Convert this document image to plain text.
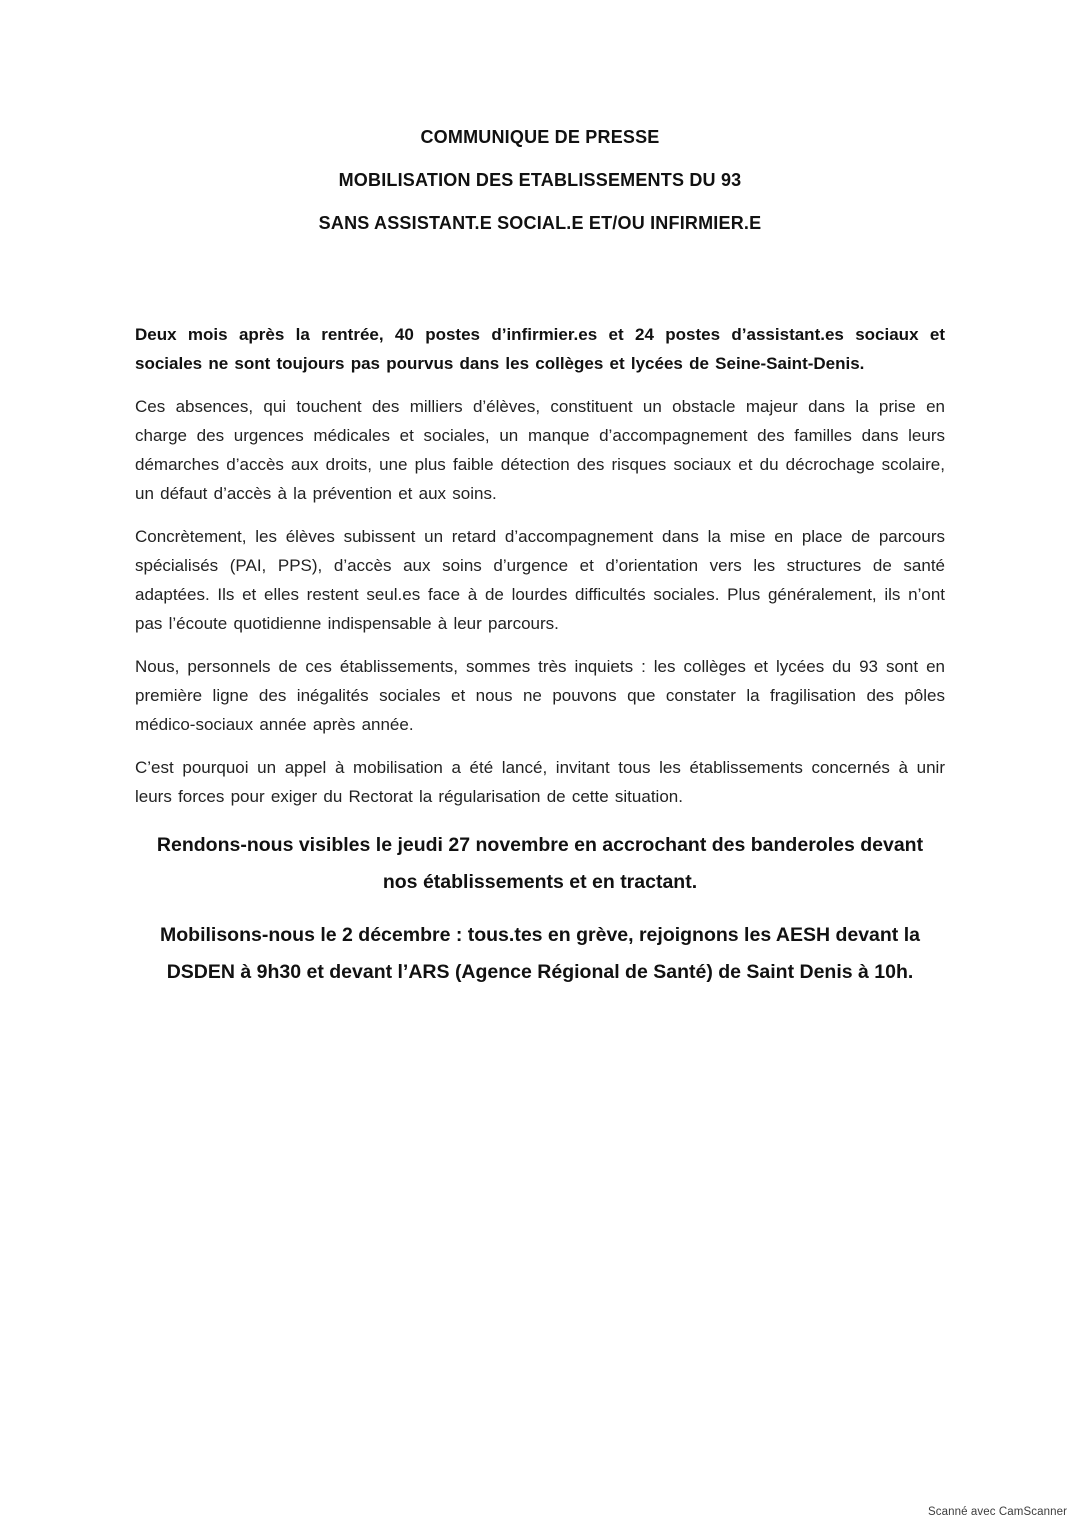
COMMUNIQUE DE PRESSE
MOBILISATION DES ETABLISSEMENTS DU 93
SANS ASSISTANT.E SOCIAL.E ET/OU INFIRMIER.E

Deux mois après la rentrée, 40 postes d’infirmier.es et 24 postes d’assistant.es sociaux et sociales ne sont toujours pas pourvus dans les collèges et lycées de Seine-Saint-Denis.

Ces absences, qui touchent des milliers d’élèves, constituent un obstacle majeur dans la prise en charge des urgences médicales et sociales, un manque d’accompagnement des familles dans leurs démarches d’accès aux droits, une plus faible détection des risques sociaux et du décrochage scolaire, un défaut d’accès à la prévention et aux soins.

Concrètement, les élèves subissent un retard d’accompagnement dans la mise en place de parcours spécialisés (PAI, PPS), d’accès aux soins d’urgence et d’orientation vers les structures de santé adaptées. Ils et elles restent seul.es face à de lourdes difficultés sociales. Plus généralement, ils n’ont pas l’écoute quotidienne indispensable à leur parcours.

Nous, personnels de ces établissements, sommes très inquiets : les collèges et lycées du 93 sont en première ligne des inégalités sociales et nous ne pouvons que constater la fragilisation des pôles médico-sociaux année après année.

C’est pourquoi un appel à mobilisation a été lancé, invitant tous les établissements concernés à unir leurs forces pour exiger du Rectorat la régularisation de cette situation.

Rendons-nous visibles le jeudi 27 novembre en accrochant des banderoles devant nos établissements et en tractant.

Mobilisons-nous le 2 décembre : tous.tes en grève, rejoignons les AESH devant la DSDEN à 9h30 et devant l’ARS (Agence Régional de Santé) de Saint Denis à 10h.

Scanné avec CamScanner
